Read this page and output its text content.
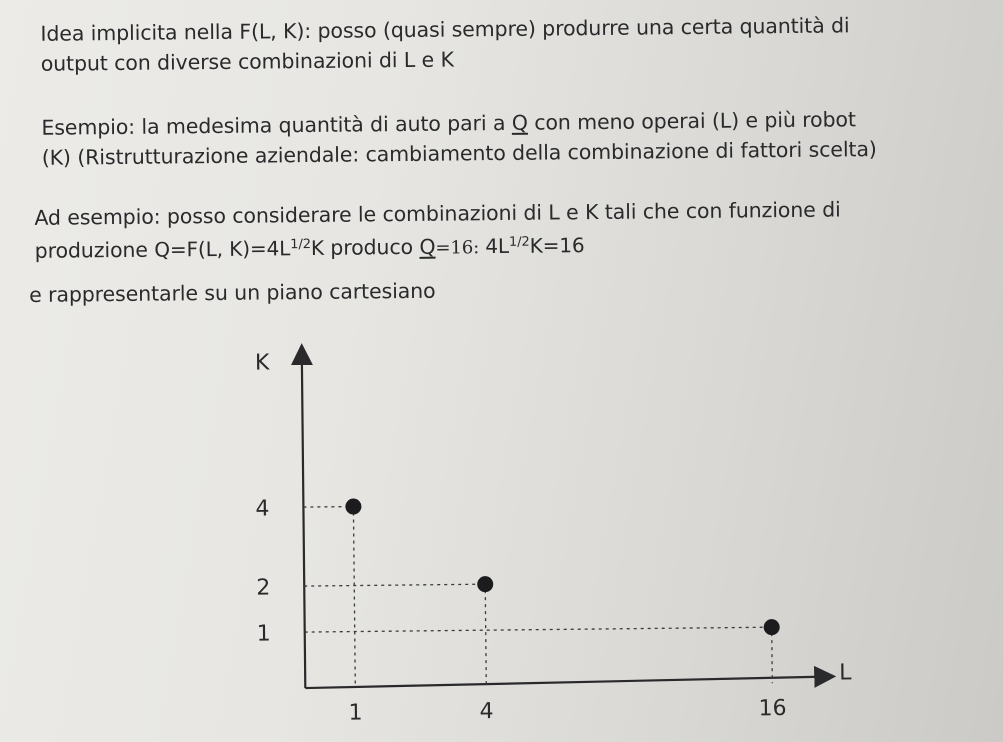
Idea implicita nella F(L, K): posso (quasi sempre) produrre una certa quantità di
output con diverse combinazioni di L e K
Esempio: la medesima quantità di auto pari a Q con meno operai (L) e più robot
(K) (Ristrutturazione aziendale: cambiamento della combinazione di fattori scelta)
Ad esempio: posso considerare le combinazioni di L e K tali che con funzione di
produzione Q=F(L, $K)=4L^{1/2}K$ produco Q=16: $4L^{1/2}K=16$
e rappresentarle su un piano cartesiano
K
L
1	4	16
4
2
1
